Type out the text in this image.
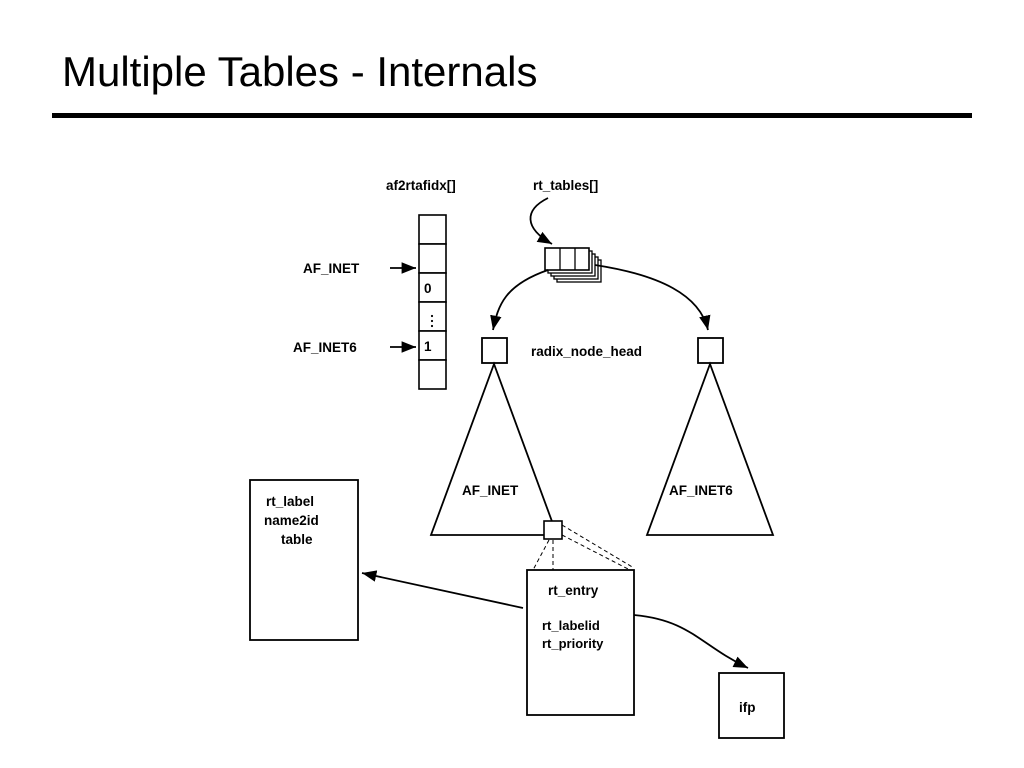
Multiple Tables - Internals
af2rtafidx[]	rt_tables[]
0
1
AF_INET
AF_INET6	radix_node_head
AF_INET	AF_INET6
rt_label
name2id
table
rt_entry
rt_labelid
rt_priority
ifp
